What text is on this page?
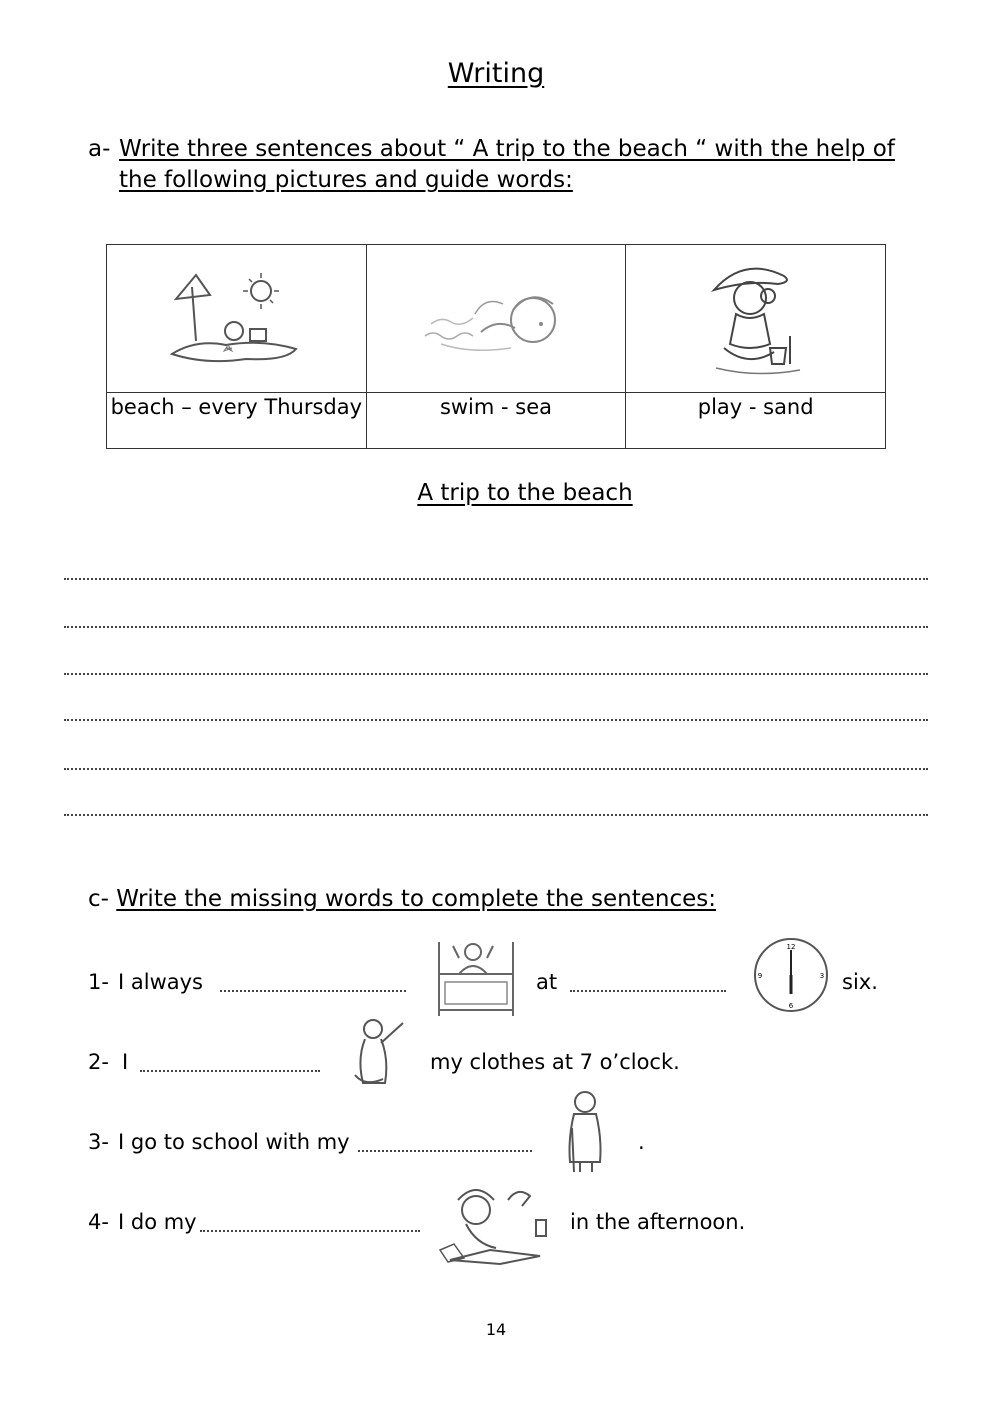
Writing
a- Write three sentences about “ A trip to the beach “ with the help of the following pictures and guide words:

beach – every Thursday	swim - sea	play - sand
A trip to the beach
c- Write the missing words to complete the sentences:
1- I always	at
12
3
6
9	six.
2- I	my clothes at 7 o’clock.
3- I go to school with my	.
4- I do my	in the afternoon.
14
